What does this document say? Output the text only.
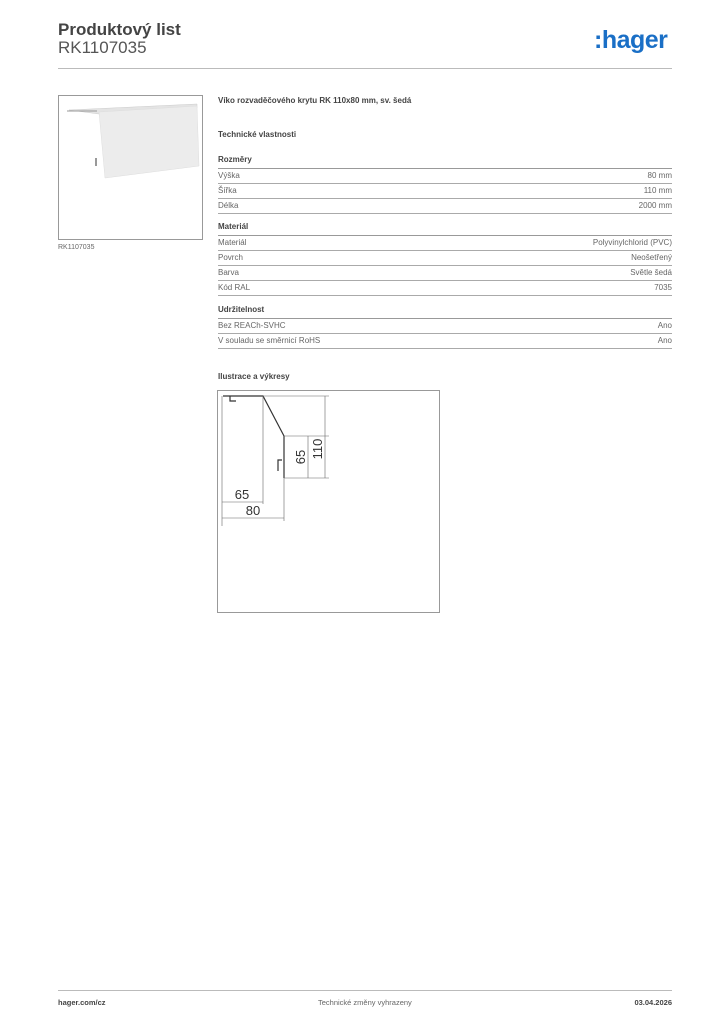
Produktový list
RK1107035	:hager
RK1107035
Víko rozvaděčového krytu RK 110x80 mm, sv. šedá
Technické vlastnosti
Rozměry
Výška	80 mm
Šířka	110 mm
Délka	2000 mm
Materiál
Materiál	Polyvinylchlorid (PVC)
Povrch	Neošetřený
Barva	Světle šedá
Kód RAL	7035
Udržitelnost
Bez REACh-SVHC	Ano
V souladu se směrnicí RoHS	Ano
Ilustrace a výkresy
110
65
65
80
hager.com/cz	Technické změny vyhrazeny	03.04.2026
